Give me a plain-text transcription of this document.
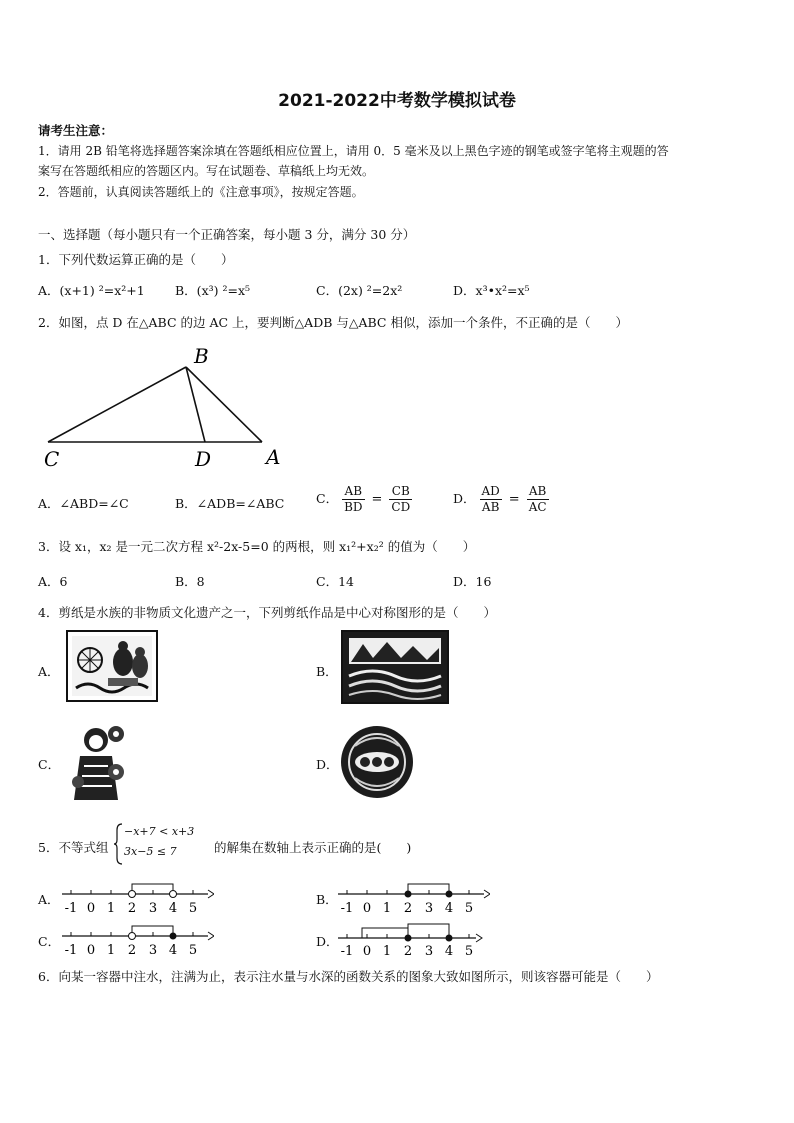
2021-2022中考数学模拟试卷
请考生注意：
1．请用 2B 铅笔将选择题答案涂填在答题纸相应位置上，请用 0．5 毫米及以上黑色字迹的钢笔或签字笔将主观题的答
案写在答题纸相应的答题区内。写在试题卷、草稿纸上均无效。
2．答题前，认真阅读答题纸上的《注意事项》，按规定答题。
一、选择题（每小题只有一个正确答案，每小题 3 分，满分 30 分）
1．下列代数运算正确的是（　　）
A．(x+1) ²=x²+1 B．(x³) ²=x⁵	C．(2x) ²=2x²	D．x³•x²=x⁵
2．如图，点 D 在△ABC 的边 AC 上，要判断△ADB 与△ABC 相似，添加一个条件，不正确的是（　　）
B
C	D	A
A．∠ABD=∠C	B．∠ADB=∠ABC	C． $\frac{AB}{BD} = \frac{CB}{CD}$	D． $\frac{AD}{AB} = \frac{AB}{AC}$
3．设 x₁，x₂ 是一元二次方程 x²-2x-5=0 的两根，则 x₁²+x₂² 的值为（　　）
A．6	B．8	C．14	D．16
4．剪纸是水族的非物质文化遗产之一，下列剪纸作品是中心对称图形的是（　　）
A．	B．
C．	D．
5．不等式组
−x+7 < x+3
3x−5 ≤ 7	的解集在数轴上表示正确的是(　　)
A．
-1 0 1 2 3 4 5
B．
-1 0 1 2 3 4 5
C．
-1 0 1 2 3 4 5
D．
-1 0 1 2 3 4 5
6．向某一容器中注水，注满为止，表示注水量与水深的函数关系的图象大致如图所示，则该容器可能是（　　）
